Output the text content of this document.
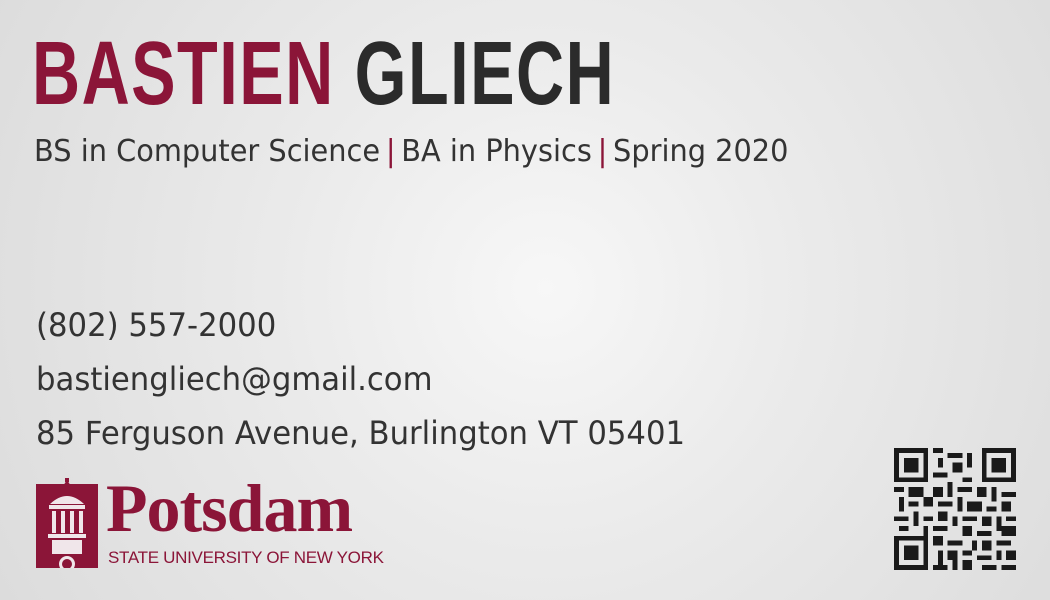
BASTIEN GLIECH
BS in Computer Science | BA in Physics | Spring 2020
(802) 557-2000
bastiengliech@gmail.com
85 Ferguson Avenue, Burlington VT 05401
Potsdam
STATE UNIVERSITY OF NEW YORK
